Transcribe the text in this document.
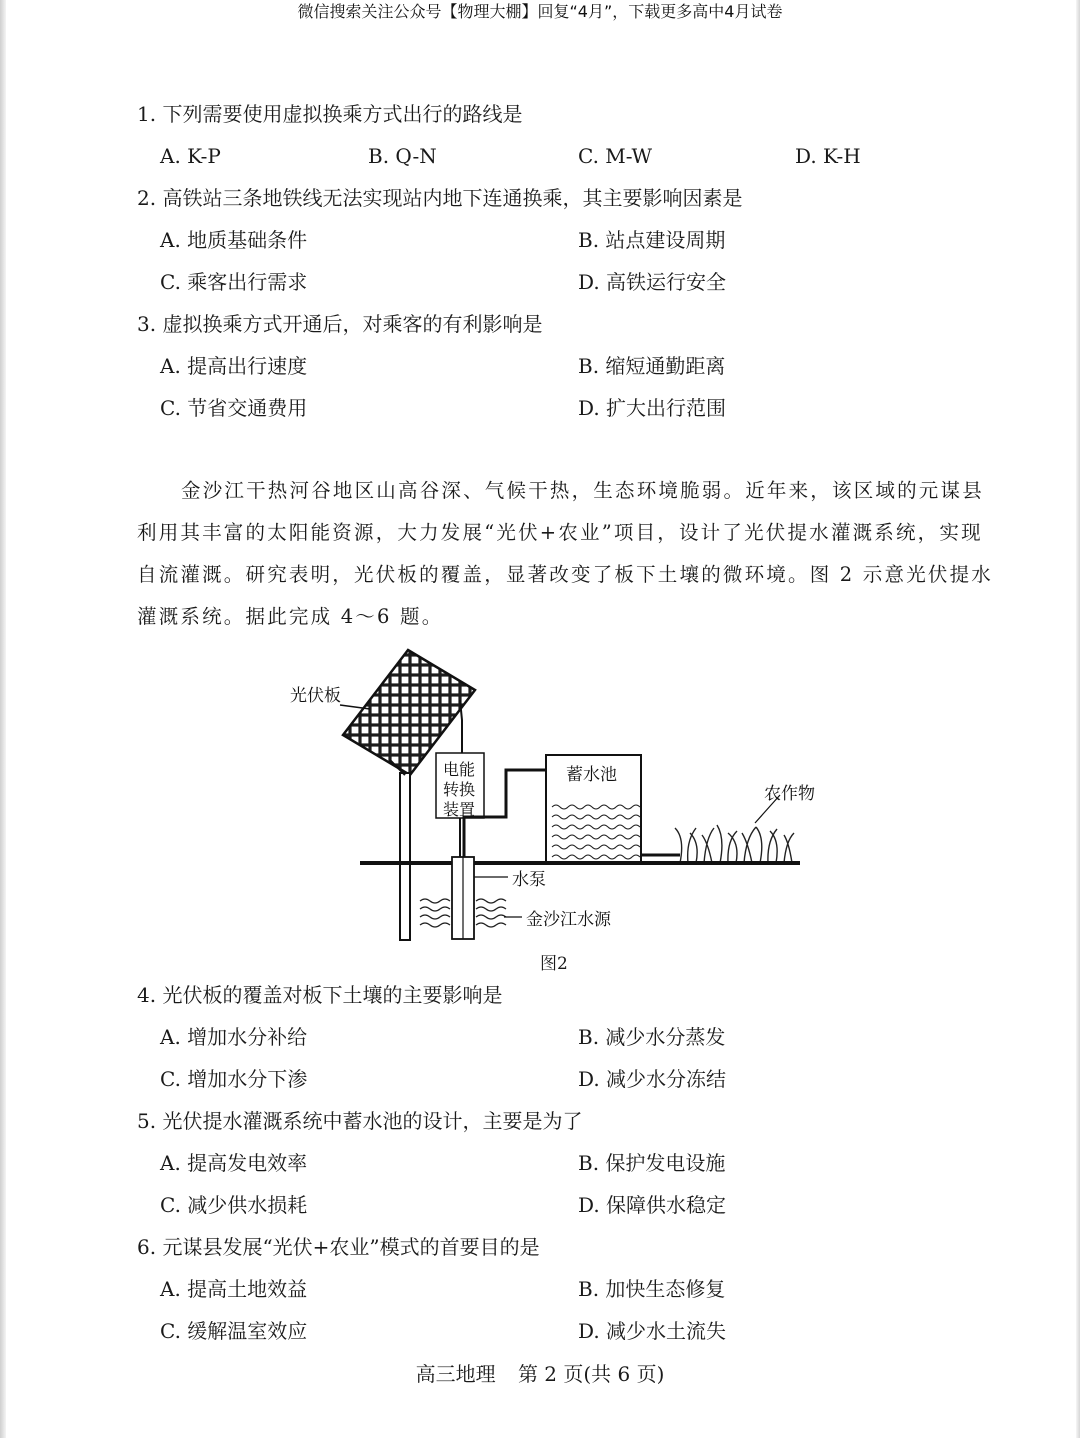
微信搜索关注公众号【物理大棚】回复“4月”，下载更多高中4月试卷
1. 下列需要使用虚拟换乘方式出行的路线是
A. K-P	B. Q-N	C. M-W	D. K-H
2. 高铁站三条地铁线无法实现站内地下连通换乘，其主要影响因素是
A. 地质基础条件	B. 站点建设周期
C. 乘客出行需求	D. 高铁运行安全
3. 虚拟换乘方式开通后，对乘客的有利影响是
A. 提高出行速度	B. 缩短通勤距离
C. 节省交通费用	D. 扩大出行范围
金沙江干热河谷地区山高谷深、气候干热，生态环境脆弱。近年来，该区域的元谋县
利用其丰富的太阳能资源，大力发展“光伏+农业”项目，设计了光伏提水灌溉系统，实现
自流灌溉。研究表明，光伏板的覆盖，显著改变了板下土壤的微环境。图 2 示意光伏提水
灌溉系统。据此完成 4～6 题。
光伏板
电能
转换
装置
蓄水池
农作物
水泵
金沙江水源
图2
4. 光伏板的覆盖对板下土壤的主要影响是
A. 增加水分补给	B. 减少水分蒸发
C. 增加水分下渗	D. 减少水分冻结
5. 光伏提水灌溉系统中蓄水池的设计，主要是为了
A. 提高发电效率	B. 保护发电设施
C. 减少供水损耗	D. 保障供水稳定
6. 元谋县发展“光伏+农业”模式的首要目的是
A. 提高土地效益	B. 加快生态修复
C. 缓解温室效应	D. 减少水土流失
高三地理 第 2 页(共 6 页)
